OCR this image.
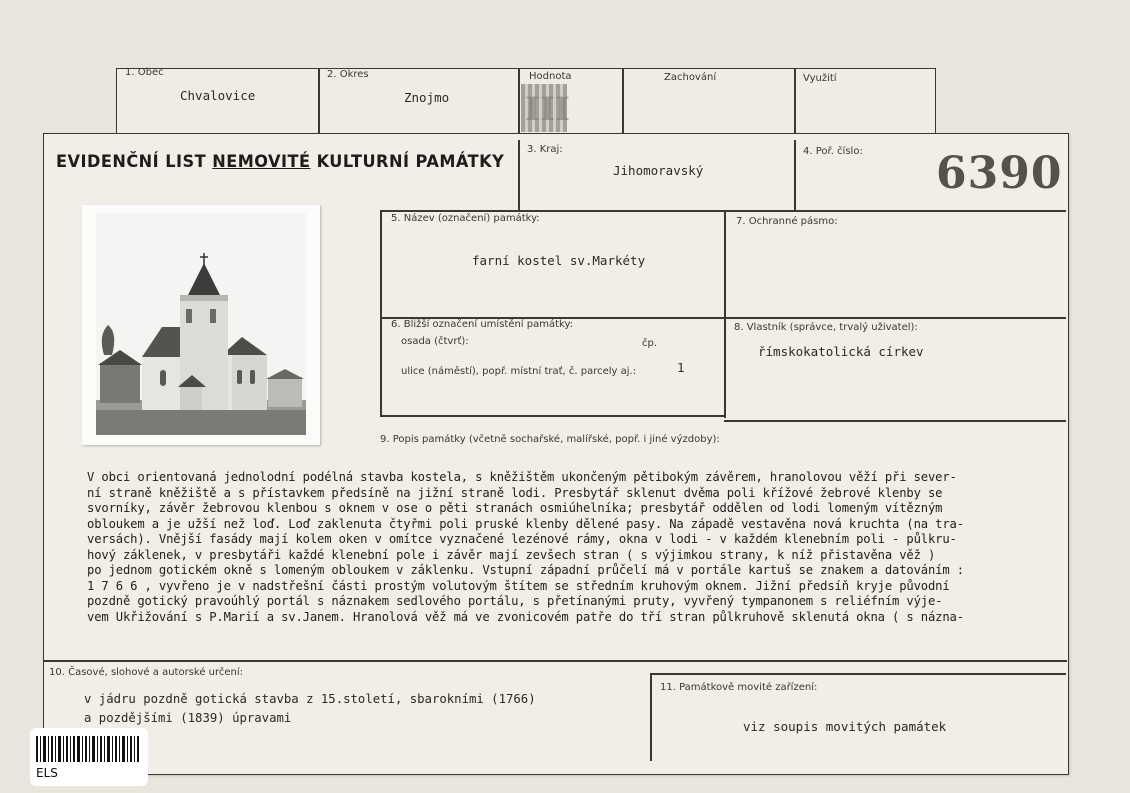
1. Obec
Chvalovice
2. Okres
Znojmo
Hodnota
III
Zachování	Využití
EVIDENČNÍ LIST NEMOVITÉ KULTURNÍ PAMÁTKY
3. Kraj:
Jihomoravský
4. Poř. číslo: 6390
5. Název (označení) památky:
farní kostel sv.Markéty
7. Ochranné pásmo:
6. Bližší označení umístění památky:
osada (čtvrť):	čp.
ulice (náměstí), popř. místní trať, č. parcely aj.:	1
8. Vlastník (správce, trvalý uživatel):
římskokatolická církev
9. Popis památky (včetně sochařské, malířské, popř. i jiné výzdoby):
V obci orientovaná jednolodní podélná stavba kostela, s kněžištěm ukončeným pětibokým závěrem, hranolovou věží při sever-
ní straně kněžiště a s přístavkem předsíně na jižní straně lodi. Presbytář sklenut dvěma poli křížové žebrové klenby se
svorníky, závěr žebrovou klenbou s oknem v ose o pěti stranách osmiúhelníka; presbytář oddělen od lodi lomeným vítězným
obloukem a je užší než loď. Loď zaklenuta čtyřmi poli pruské klenby dělené pasy. Na západě vestavěna nová kruchta (na tra-
versách). Vnější fasády mají kolem oken v omítce vyznačené lezénové rámy, okna v lodi - v každém klenebním poli - půlkru-
hový záklenek, v presbytáři každé klenební pole i závěr mají zevšech stran ( s výjimkou strany, k níž přistavěna věž )
po jednom gotickém okně s lomeným obloukem v záklenku. Vstupní západní průčelí má v portále kartuš se znakem a datováním :
1 7 6 6 , vyvřeno je v nadstřešní části prostým volutovým štítem se středním kruhovým oknem. Jižní předsíň kryje původní
pozdně gotický pravoúhlý portál s náznakem sedlového portálu, s přetínanými pruty, vyvřený tympanonem s reliéfním výje-
vem Ukřižování s P.Marií a sv.Janem. Hranolová věž má ve zvonicovém patře do tří stran půlkruhově sklenutá okna ( s názna-
10. Časové, slohové a autorské určení:
v jádru pozdně gotická stavba z 15.století, sbarokními (1766)
a pozdějšími (1839) úpravami
11. Památkově movité zařízení:
viz soupis movitých památek
ELS
